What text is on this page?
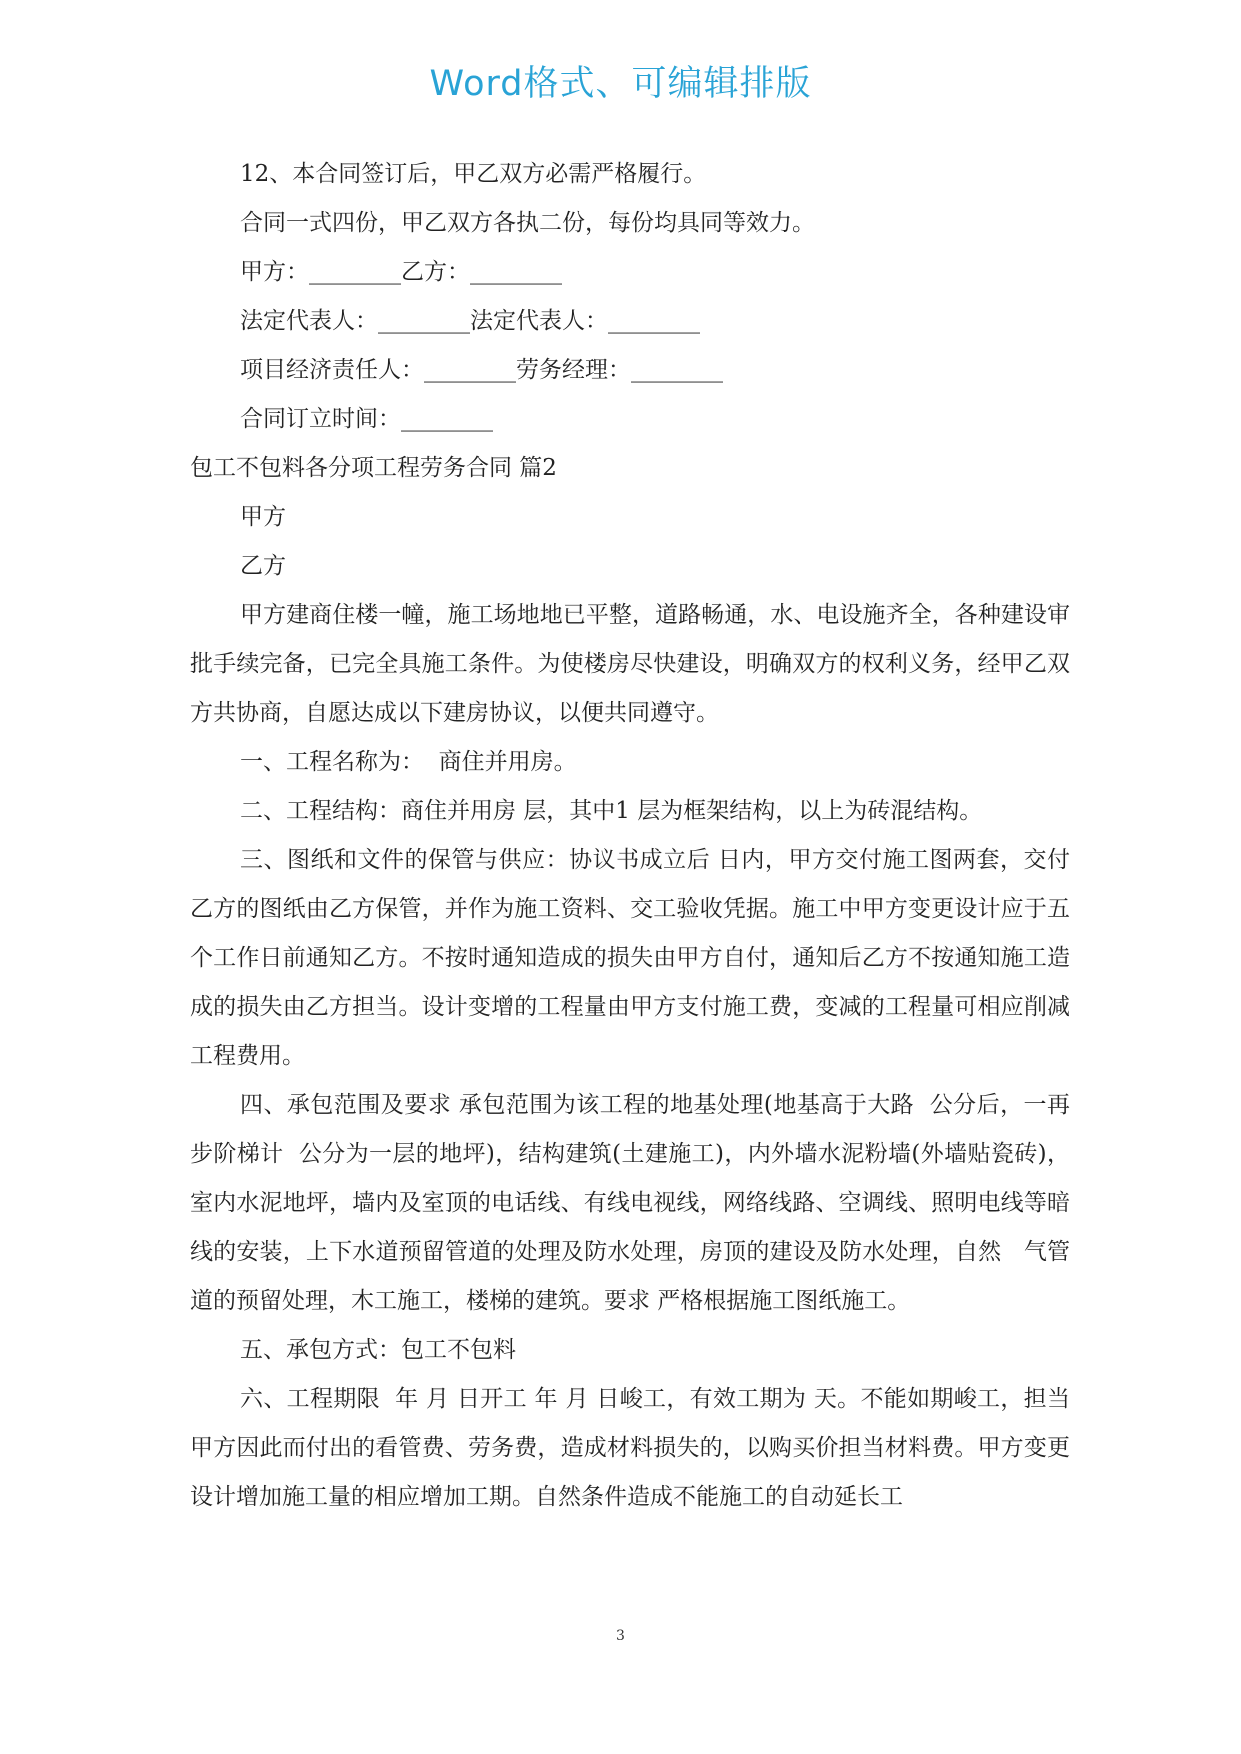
Word格式、可编辑排版

12、本合同签订后，甲乙双方必需严格履行。

合同一式四份，甲乙双方各执二份，每份均具同等效力。

甲方：________乙方：________

法定代表人：________法定代表人：________

项目经济责任人：________劳务经理：________

合同订立时间：________

包工不包料各分项工程劳务合同 篇2

甲方

乙方

甲方建商住楼一幢，施工场地地已平整，道路畅通，水、电设施齐全，各种建设审批手续完备，已完全具施工条件。为使楼房尽快建设，明确双方的权利义务，经甲乙双方共协商，自愿达成以下建房协议，以便共同遵守。

一、工程名称为：  商住并用房。

二、工程结构：商住并用房 层，其中1 层为框架结构，以上为砖混结构。

三、图纸和文件的保管与供应：协议书成立后 日内，甲方交付施工图两套，交付乙方的图纸由乙方保管，并作为施工资料、交工验收凭据。施工中甲方变更设计应于五个工作日前通知乙方。不按时通知造成的损失由甲方自付，通知后乙方不按通知施工造成的损失由乙方担当。设计变增的工程量由甲方支付施工费，变减的工程量可相应削减工程费用。

四、承包范围及要求 承包范围为该工程的地基处理(地基高于大路  公分后，一再步阶梯计  公分为一层的地坪)，结构建筑(土建施工)，内外墙水泥粉墙(外墙贴瓷砖)，室内水泥地坪，墙内及室顶的电话线、有线电视线，网络线路、空调线、照明电线等暗线的安装，上下水道预留管道的处理及防水处理，房顶的建设及防水处理，自然   气管道的预留处理，木工施工，楼梯的建筑。要求 严格根据施工图纸施工。

五、承包方式：包工不包料

六、工程期限  年 月 日开工 年 月 日峻工，有效工期为 天。不能如期峻工，担当甲方因此而付出的看管费、劳务费，造成材料损失的，以购买价担当材料费。甲方变更设计增加施工量的相应增加工期。自然条件造成不能施工的自动延长工

3
